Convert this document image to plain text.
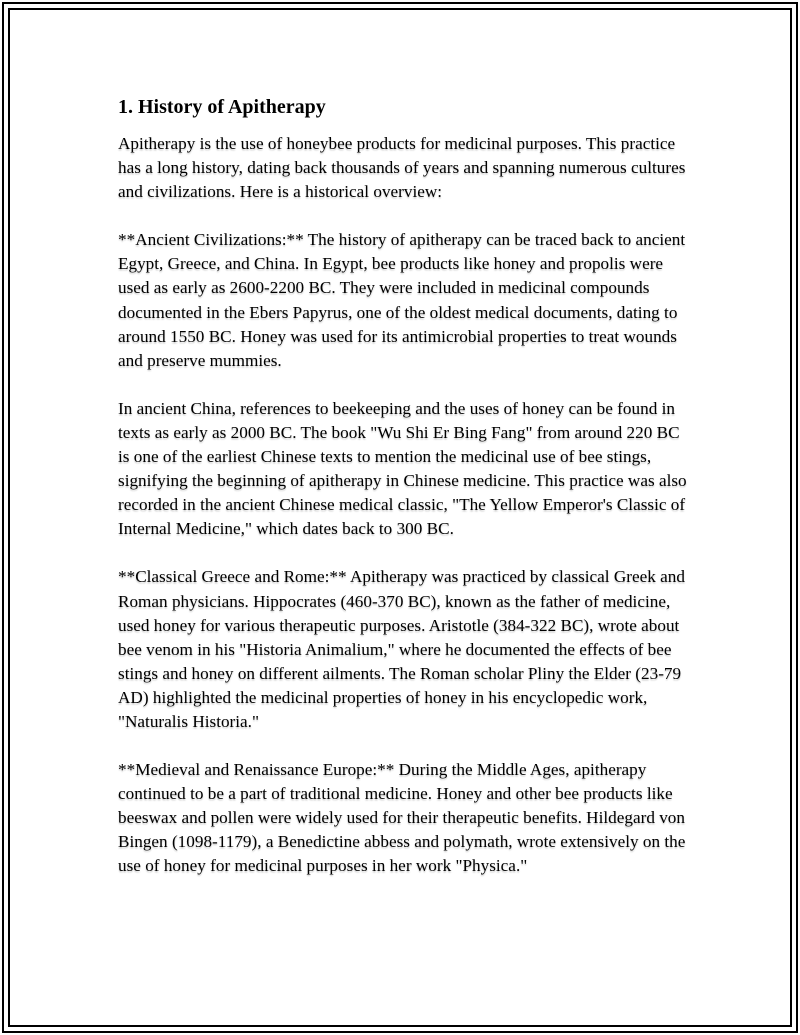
1. History of Apitherapy

Apitherapy is the use of honeybee products for medicinal purposes. This practice has a long history, dating back thousands of years and spanning numerous cultures and civilizations. Here is a historical overview:

**Ancient Civilizations:** The history of apitherapy can be traced back to ancient Egypt, Greece, and China. In Egypt, bee products like honey and propolis were used as early as 2600-2200 BC. They were included in medicinal compounds documented in the Ebers Papyrus, one of the oldest medical documents, dating to around 1550 BC. Honey was used for its antimicrobial properties to treat wounds and preserve mummies.

In ancient China, references to beekeeping and the uses of honey can be found in texts as early as 2000 BC. The book "Wu Shi Er Bing Fang" from around 220 BC is one of the earliest Chinese texts to mention the medicinal use of bee stings, signifying the beginning of apitherapy in Chinese medicine. This practice was also recorded in the ancient Chinese medical classic, "The Yellow Emperor's Classic of Internal Medicine," which dates back to 300 BC.

**Classical Greece and Rome:** Apitherapy was practiced by classical Greek and Roman physicians. Hippocrates (460-370 BC), known as the father of medicine, used honey for various therapeutic purposes. Aristotle (384-322 BC), wrote about bee venom in his "Historia Animalium," where he documented the effects of bee stings and honey on different ailments. The Roman scholar Pliny the Elder (23-79 AD) highlighted the medicinal properties of honey in his encyclopedic work, "Naturalis Historia."

**Medieval and Renaissance Europe:** During the Middle Ages, apitherapy continued to be a part of traditional medicine. Honey and other bee products like beeswax and pollen were widely used for their therapeutic benefits. Hildegard von Bingen (1098-1179), a Benedictine abbess and polymath, wrote extensively on the use of honey for medicinal purposes in her work "Physica."
